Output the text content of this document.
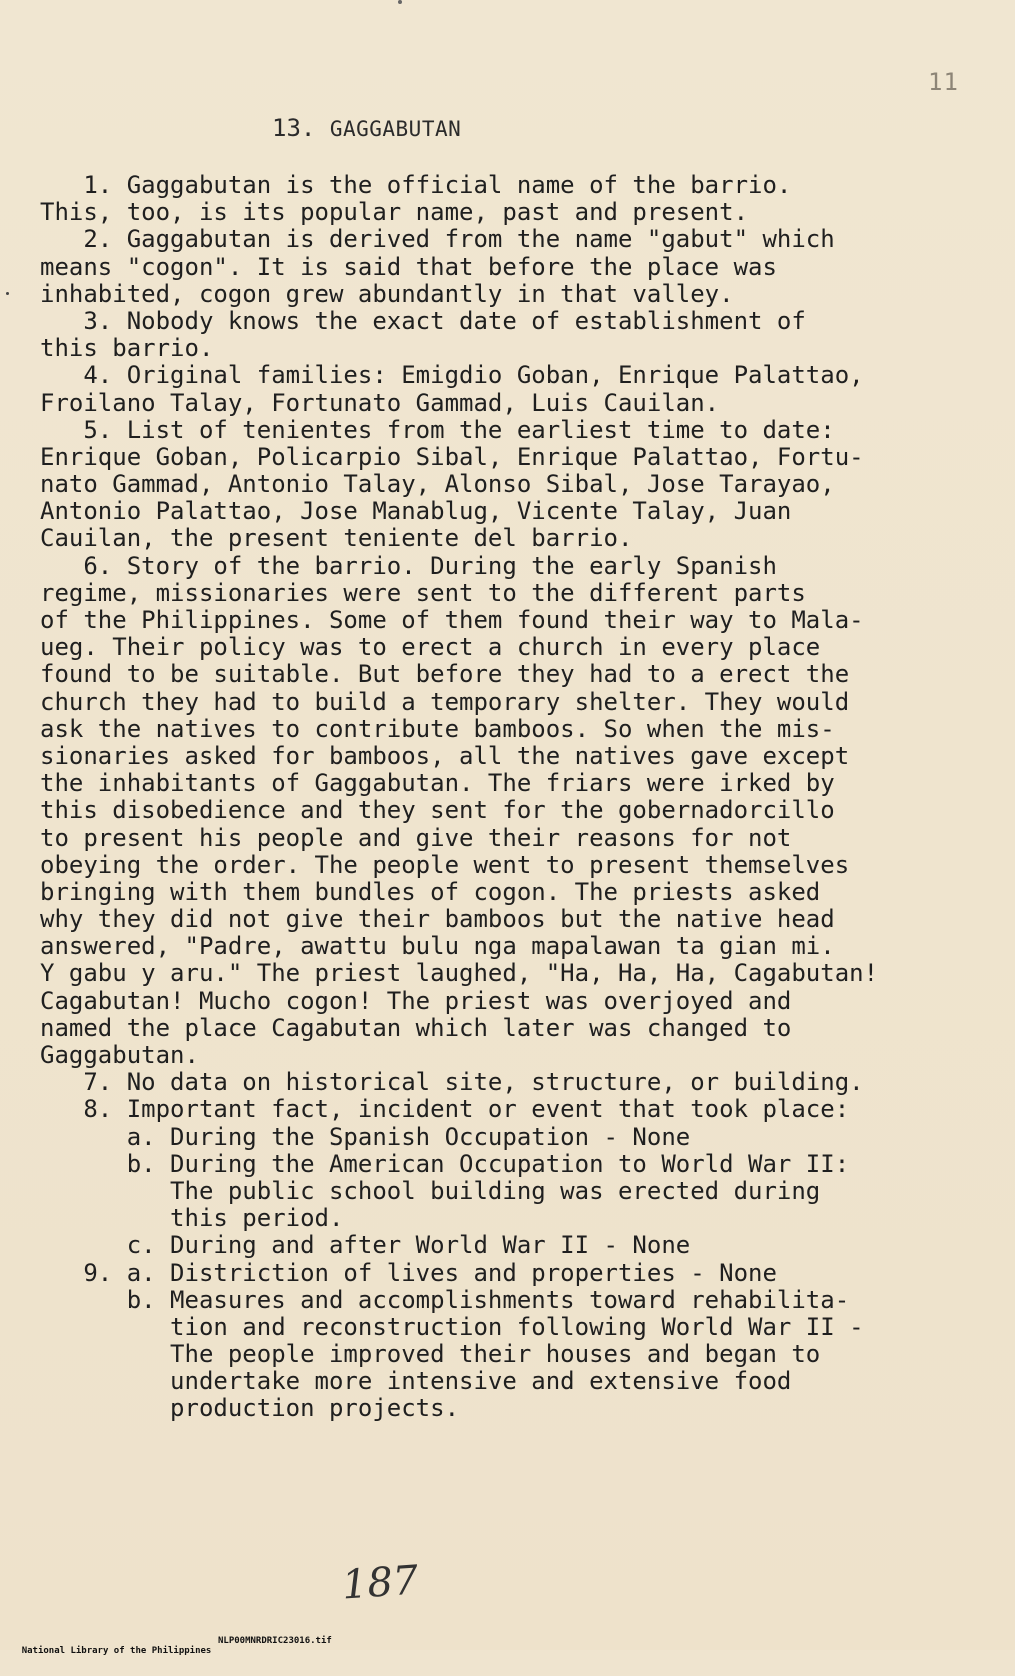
11
13. GAGGABUTAN
1. Gaggabutan is the official name of the barrio.
This, too, is its popular name, past and present.
2. Gaggabutan is derived from the name "gabut" which
means "cogon". It is said that before the place was
inhabited, cogon grew abundantly in that valley.
3. Nobody knows the exact date of establishment of
this barrio.
4. Original families: Emigdio Goban, Enrique Palattao,
Froilano Talay, Fortunato Gammad, Luis Cauilan.
5. List of tenientes from the earliest time to date:
Enrique Goban, Policarpio Sibal, Enrique Palattao, Fortu-
nato Gammad, Antonio Talay, Alonso Sibal, Jose Tarayao,
Antonio Palattao, Jose Manablug, Vicente Talay, Juan
Cauilan, the present teniente del barrio.
6. Story of the barrio. During the early Spanish
regime, missionaries were sent to the different parts
of the Philippines. Some of them found their way to Mala-
ueg. Their policy was to erect a church in every place
found to be suitable. But before they had to a erect the
church they had to build a temporary shelter. They would
ask the natives to contribute bamboos. So when the mis-
sionaries asked for bamboos, all the natives gave except
the inhabitants of Gaggabutan. The friars were irked by
this disobedience and they sent for the gobernadorcillo
to present his people and give their reasons for not
obeying the order. The people went to present themselves
bringing with them bundles of cogon. The priests asked
why they did not give their bamboos but the native head
answered, "Padre, awattu bulu nga mapalawan ta gian mi.
Y gabu y aru." The priest laughed, "Ha, Ha, Ha, Cagabutan!
Cagabutan! Mucho cogon! The priest was overjoyed and
named the place Cagabutan which later was changed to
Gaggabutan.
7. No data on historical site, structure, or building.
8. Important fact, incident or event that took place:
a. During the Spanish Occupation - None
b. During the American Occupation to World War II:
The public school building was erected during
this period.
c. During and after World War II - None
9. a. Distriction of lives and properties - None
b. Measures and accomplishments toward rehabilita-
tion and reconstruction following World War II -
The people improved their houses and began to
undertake more intensive and extensive food
production projects.
187

National Library of the Philippines

NLP00MNRDRIC23016.tif
